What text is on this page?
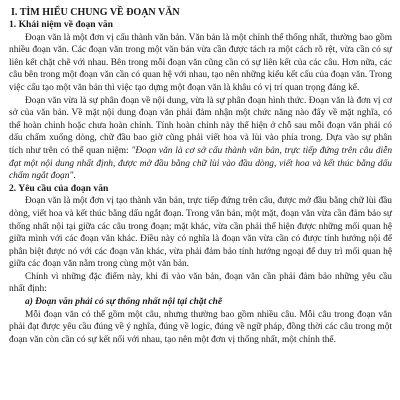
I. TÌM HIỂU CHUNG VỀ ĐOẠN VĂN
1. Khái niệm về đoạn văn

Đoạn văn là một đơn vị cấu thành văn bản. Văn bản là một chỉnh thể thống nhất, thường bao gồm nhiều đoạn văn. Các đoạn văn trong một văn bản vừa cần được tách ra một cách rõ rệt, vừa cần có sự liên kết chặt chẽ với nhau. Bên trong mỗi đoạn văn cũng cần có sự liên kết của các câu. Hơn nữa, các câu bên trong một đoạn văn cần có quan hệ với nhau, tạo nên những kiểu kết cấu của đoạn văn. Trong việc cấu tạo một văn bản thì việc tạo dựng một đoạn văn là khâu có vị trí quan trọng đáng kể.

Đoạn văn vừa là sự phân đoạn về nội dung, vừa là sự phân đoạn hình thức. Đoạn văn là đơn vị cơ sở của văn bản. Về mặt nội dung đoạn văn phải đảm nhận một chức năng nào đấy về mặt nghĩa, có thể hoàn chỉnh hoặc chưa hoàn chỉnh. Tính hoàn chỉnh này thể hiện ở chỗ sau mỗi đoạn văn phải có dấu chấm xuống dòng, chữ đầu bao giờ cũng phải viết hoa và lùi vào phía trong. Dựa vào sự phân tích như trên có thể quan niệm: "Đoạn văn là cơ sở cấu thành văn bản, trực tiếp đứng trên câu diễn đạt một nội dung nhất định, được mở đầu bằng chữ lùi vào đầu dòng, viết hoa và kết thúc bằng dấu chấm ngắt đoạn".

2. Yêu cầu của đoạn văn

Đoạn văn là một đơn vị tạo thành văn bản, trực tiếp đứng trên câu, được mở đầu bằng chữ lùi đầu dòng, viết hoa và kết thúc bằng dấu ngắt đoạn. Trong văn bản, một mặt, đoạn văn vừa cần đảm bảo sự thống nhất nội tại giữa các câu trong đoạn; mặt khác, vừa cần phải thể hiện được những mối quan hệ giữa mình với các đoạn văn khác. Điều này có nghĩa là đoạn văn vừa cần có được tính hướng nội để phân biệt được nó với các đoạn văn khác, vừa phải đảm bảo tính hướng ngoại để duy trì mối quan hệ giữa các đoạn văn nằm trong cùng một văn bản.

Chính vì những đặc điểm này, khi đi vào văn bản, đoạn văn cần phải đảm bảo những yêu cầu nhất định:

a) Đoạn văn phải có sự thống nhất nội tại chặt chẽ

Mỗi đoạn văn có thể gồm một câu, nhưng thường bao gồm nhiều câu. Mỗi câu trong đoạn văn phải đạt được yêu cầu đúng về ý nghĩa, đúng về logic, đúng về ngữ pháp, đồng thời các câu trong một đoạn văn còn cần có sự kết nối với nhau, tạo nên một đơn vị thống nhất, một chỉnh thể.
